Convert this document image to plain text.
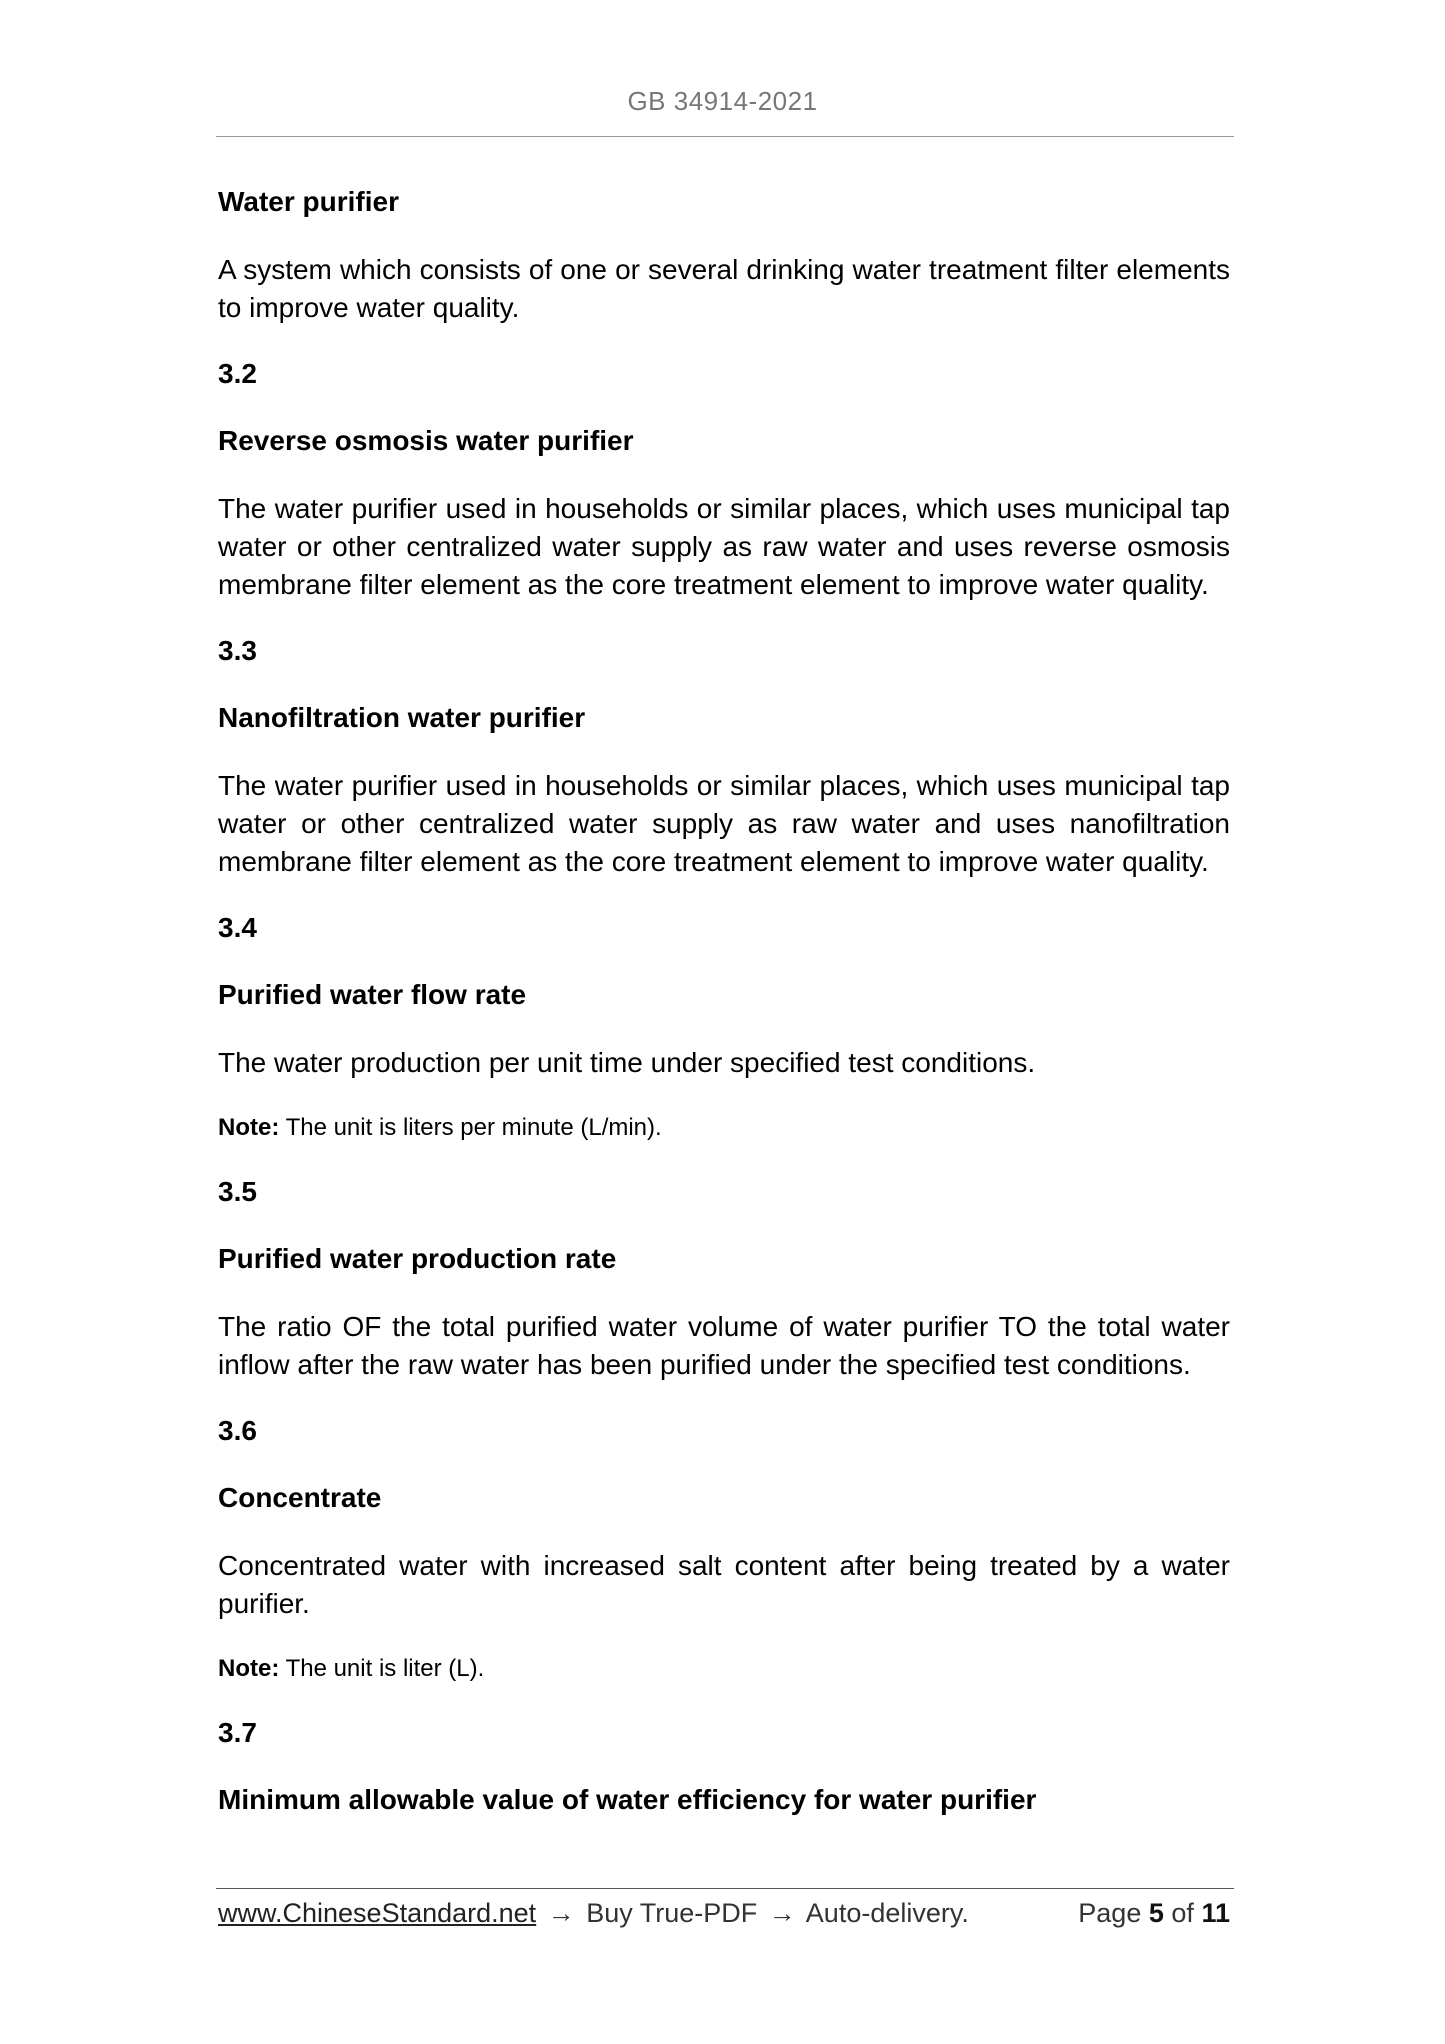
GB 34914-2021
Water purifier
A system which consists of one or several drinking water treatment filter elements to improve water quality.
3.2
Reverse osmosis water purifier
The water purifier used in households or similar places, which uses municipal tap water or other centralized water supply as raw water and uses reverse osmosis membrane filter element as the core treatment element to improve water quality.
3.3
Nanofiltration water purifier
The water purifier used in households or similar places, which uses municipal tap water or other centralized water supply as raw water and uses nanofiltration membrane filter element as the core treatment element to improve water quality.
3.4
Purified water flow rate
The water production per unit time under specified test conditions.
Note: The unit is liters per minute (L/min).
3.5
Purified water production rate
The ratio OF the total purified water volume of water purifier TO the total water inflow after the raw water has been purified under the specified test conditions.
3.6
Concentrate
Concentrated water with increased salt content after being treated by a water purifier.
Note: The unit is liter (L).
3.7
Minimum allowable value of water efficiency for water purifier
www.ChineseStandard.net → Buy True-PDF → Auto-delivery.	Page 5 of 11
